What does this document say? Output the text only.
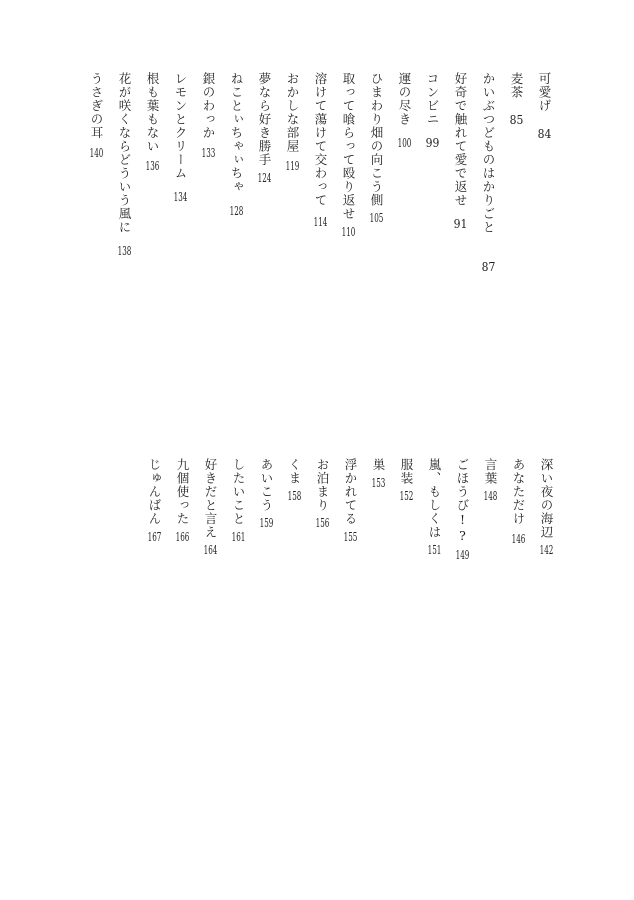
可愛げ84
麦茶85
かいぶつどものはかりごと87
好奇で触れて愛で返せ91
コンビニ99
運の尽き100
ひまわり畑の向こう側105
取って喰らって殴り返せ110
溶けて蕩けて交わって114
おかしな部屋119
夢なら好き勝手124
ねことぃちゃぃちゃ128
銀のわっか133
レモンとクリーム134
根も葉もない136
花が咲くならどういう風に138
うさぎの耳140
深い夜の海辺142
あなただけ146
言葉148
ごほうび!?149
嵐、もしくは151
服装152
巣153
浮かれてる155
お泊まり156
くま158
あいこう159
したいこと161
好きだと言え164
九個使った166
じゅんばん167
